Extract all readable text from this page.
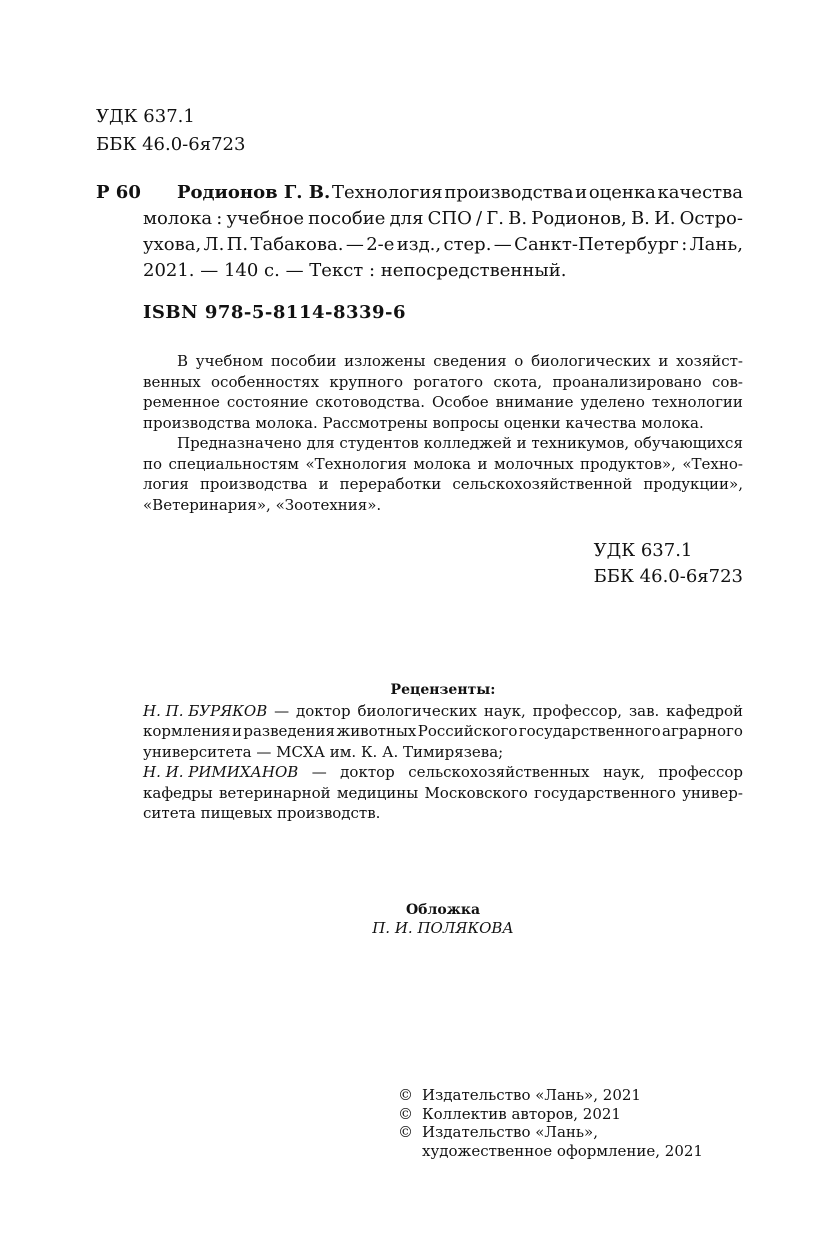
УДК 637.1
ББК 46.0-6я723
Р 60 Родионов Г. В. Технология производства и оценка качества
молока : учебное пособие для СПО / Г. В. Родионов, В. И. Остро-
ухова, Л. П. Табакова. — 2-е изд., стер. — Санкт-Петербург : Лань,
2021. — 140 с. — Текст : непосредственный.
ISBN 978-5-8114-8339-6
В учебном пособии изложены сведения о биологических и хозяйст-
венных особенностях крупного рогатого скота, проанализировано сов-
ременное состояние скотоводства. Особое внимание уделено технологии
производства молока. Рассмотрены вопросы оценки качества молока.
Предназначено для студентов колледжей и техникумов, обучающихся
по специальностям «Технология молока и молочных продуктов», «Техно-
логия производства и переработки сельскохозяйственной продукции»,
«Ветеринария», «Зоотехния».
УДК 637.1
ББК 46.0-6я723
Рецензенты:
Н. П. БУРЯКОВ — доктор биологических наук, профессор, зав. кафедрой
кормления и разведения животных Российского государственного аграрного
университета — МСХА им. К. А. Тимирязева;
Н. И. РИМИХАНОВ — доктор сельскохозяйственных наук, профессор
кафедры ветеринарной медицины Московского государственного универ-
ситета пищевых производств.
Обложка
П. И. ПОЛЯКОВА
© Издательство «Лань», 2021
© Коллектив авторов, 2021
© Издательство «Лань»,
художественное оформление, 2021
